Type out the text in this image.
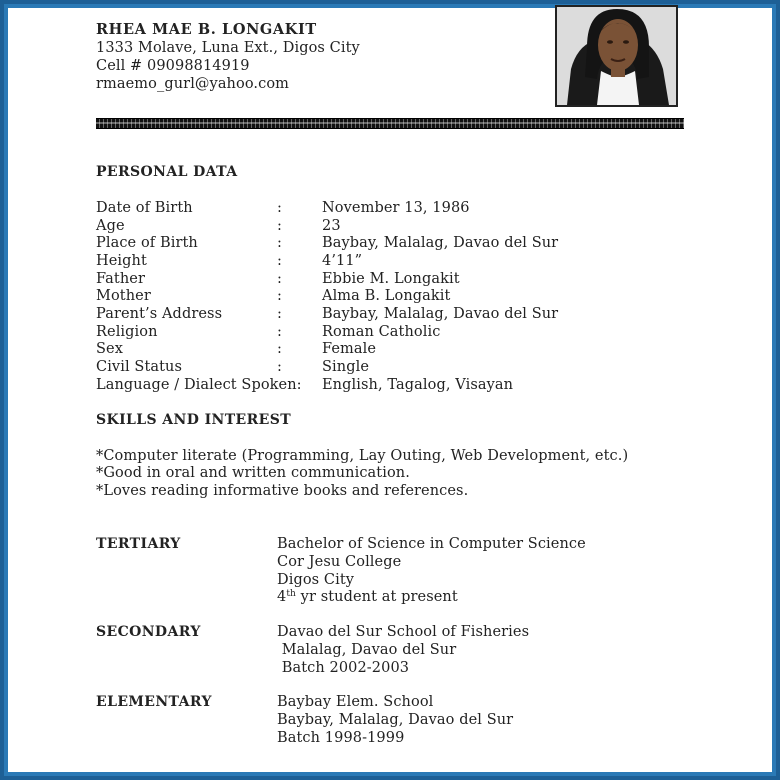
RHEA MAE B. LONGAKIT
1333 Molave, Luna Ext., Digos City
Cell # 09098814919
rmaemo_gurl@yahoo.com
PERSONAL DATA
Date of Birth	:	November 13, 1986
Age	:	23
Place of Birth	:	Baybay, Malalag, Davao del Sur
Height	:	4’11”
Father	:	Ebbie M. Longakit
Mother	:	Alma B. Longakit
Parent’s Address	:	Baybay, Malalag, Davao del Sur
Religion	:	Roman Catholic
Sex	:	Female
Civil Status	:	Single
Language / Dialect Spoken: English, Tagalog, Visayan
SKILLS AND INTEREST
*Computer literate (Programming, Lay Outing, Web Development, etc.)
*Good in oral and written communication.
*Loves reading informative books and references.
TERTIARY	Bachelor of Science in Computer Science
Cor Jesu College
Digos City
4th yr student at present
SECONDARY	Davao del Sur School of Fisheries
Malalag, Davao del Sur
Batch 2002-2003
ELEMENTARY	Baybay Elem. School
Baybay, Malalag, Davao del Sur
Batch 1998-1999
